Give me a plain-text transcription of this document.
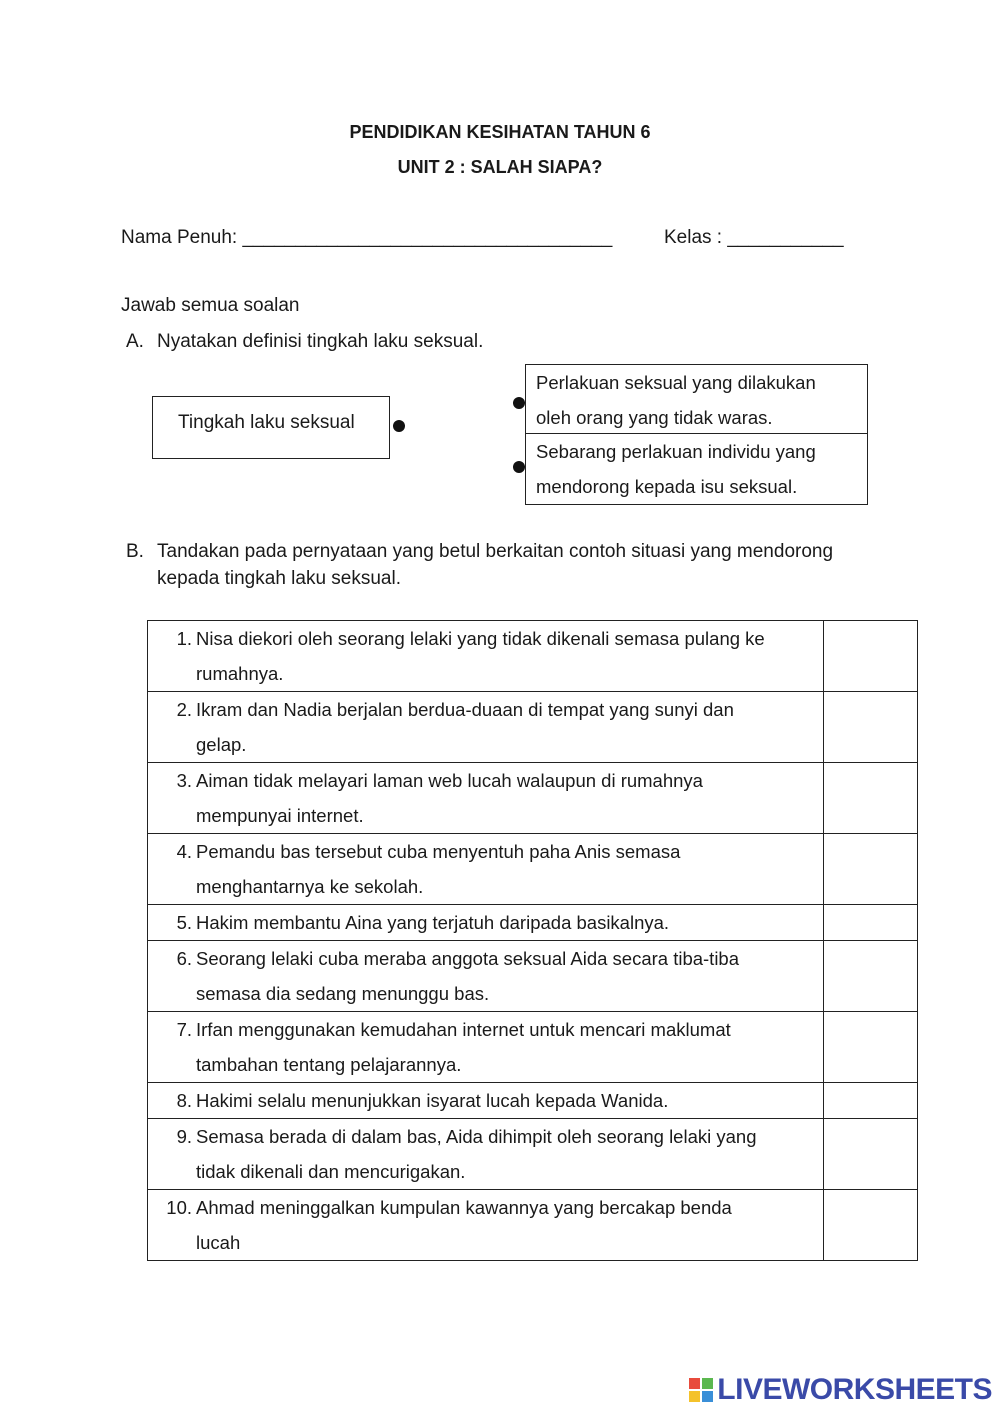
PENDIDIKAN KESIHATAN TAHUN 6
UNIT 2 : SALAH SIAPA?
Nama Penuh: ___________________________________	Kelas : ___________
Jawab semua soalan
A. Nyatakan definisi tingkah laku seksual.
Tingkah laku seksual
Perlakuan seksual yang dilakukan
oleh orang yang tidak waras.
Sebarang perlakuan individu yang
mendorong kepada isu seksual.
B. Tandakan pada pernyataan yang betul berkaitan contoh situasi yang mendorong
kepada tingkah laku seksual.
1. Nisa diekori oleh seorang lelaki yang tidak dikenali semasa pulang ke
rumahnya.	

2. Ikram dan Nadia berjalan berdua-duaan di tempat yang sunyi dan
gelap.	

3. Aiman tidak melayari laman web lucah walaupun di rumahnya
mempunyai internet.	

4. Pemandu bas tersebut cuba menyentuh paha Anis semasa
menghantarnya ke sekolah.	

5. Hakim membantu Aina yang terjatuh daripada basikalnya.	

6. Seorang lelaki cuba meraba anggota seksual Aida secara tiba-tiba
semasa dia sedang menunggu bas.	

7. Irfan menggunakan kemudahan internet untuk mencari maklumat
tambahan tentang pelajarannya.	

8. Hakimi selalu menunjukkan isyarat lucah kepada Wanida.	

9. Semasa berada di dalam bas, Aida dihimpit oleh seorang lelaki yang
tidak dikenali dan mencurigakan.	

10. Ahmad meninggalkan kumpulan kawannya yang bercakap benda
lucah	

LIVEWORKSHEETS
